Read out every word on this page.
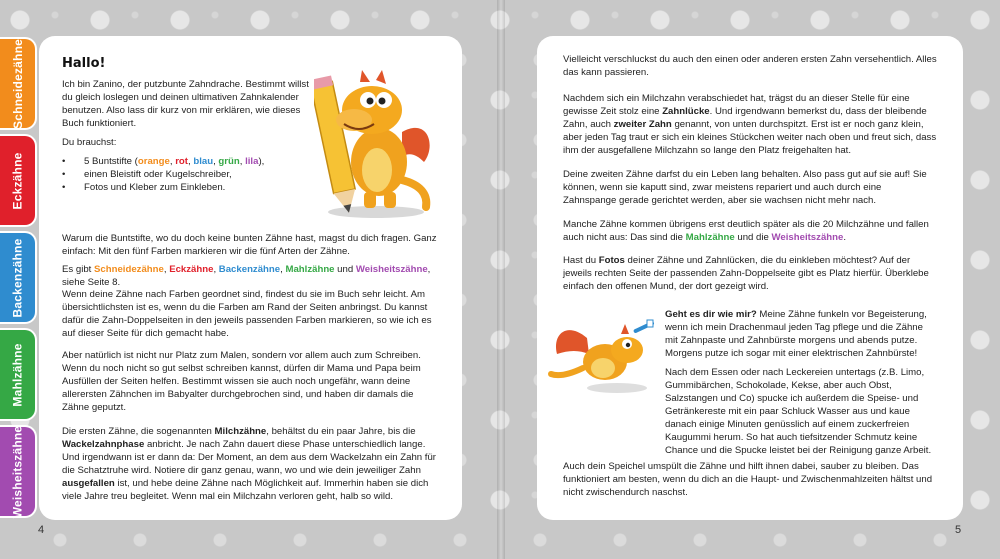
Schneidezähne
Eckzähne
Backenzähne
Mahlzähne
Weisheitszähne
Hallo!

Ich bin Zanino, der putzbunte Zahndrache. Bestimmt willst du gleich loslegen und deinen ultimativen Zahnkalender benutzen. Also lass dir kurz von mir erklären, wie dieses Buch funktioniert.

Du brauchst:

• 5 Buntstifte (orange, rot, blau, grün, lila),
• einen Bleistift oder Kugelschreiber,
• Fotos und Kleber zum Einkleben.

Warum die Buntstifte, wo du doch keine bunten Zähne hast, magst du dich fragen. Ganz einfach: Mit den fünf Farben markieren wir die fünf Arten der Zähne.

Es gibt Schneidezähne, Eckzähne, Backenzähne, Mahlzähne und Weisheitszähne, siehe Seite 8.

Wenn deine Zähne nach Farben geordnet sind, findest du sie im Buch sehr leicht. Am übersichtlichsten ist es, wenn du die Farben am Rand der Seiten anbringst. Du kannst dafür die Zahn-Doppelseiten in den jeweils passenden Farben markieren, so wie ich es auf dieser Seite für dich gemacht habe.

Aber natürlich ist nicht nur Platz zum Malen, sondern vor allem auch zum Schreiben. Wenn du noch nicht so gut selbst schreiben kannst, dürfen dir Mama und Papa beim Ausfüllen der Seiten helfen. Bestimmt wissen sie auch noch ungefähr, wann deine allerersten Zähnchen im Babyalter durchgebrochen sind, und haben dir damals die Zähne geputzt.

Die ersten Zähne, die sogenannten Milchzähne, behältst du ein paar Jahre, bis die Wackelzahnphase anbricht. Je nach Zahn dauert diese Phase unterschiedlich lange. Und irgendwann ist er dann da: Der Moment, an dem aus dem Wackelzahn ein Zahn für die Schatztruhe wird. Notiere dir ganz genau, wann, wo und wie dein jeweiliger Zahn ausgefallen ist, und hebe deine Zähne nach Möglichkeit auf. Immerhin haben sie dich viele Jahre treu begleitet. Wenn mal ein Milchzahn verloren geht, halb so wild.

4

Vielleicht verschluckst du auch den einen oder anderen ersten Zahn versehentlich. Alles das kann passieren.

Nachdem sich ein Milchzahn verabschiedet hat, trägst du an dieser Stelle für eine gewisse Zeit stolz eine Zahnlücke. Und irgendwann bemerkst du, dass der bleibende Zahn, auch zweiter Zahn genannt, von unten durchspitzt. Erst ist er noch ganz klein, aber jeden Tag traut er sich ein kleines Stückchen weiter nach oben und freut sich, dass ihm der ausgefallene Milchzahn so lange den Platz freigehalten hat.

Deine zweiten Zähne darfst du ein Leben lang behalten. Also pass gut auf sie auf! Sie können, wenn sie kaputt sind, zwar meistens repariert und auch durch eine Zahnspange gerade gerichtet werden, aber sie wachsen nicht mehr nach.

Manche Zähne kommen übrigens erst deutlich später als die 20 Milchzähne und fallen auch nicht aus: Das sind die Mahlzähne und die Weisheitszähne.

Hast du Fotos deiner Zähne und Zahnlücken, die du einkleben möchtest? Auf der jeweils rechten Seite der passenden Zahn-Doppelseite gibt es Platz hierfür. Überklebe einfach den offenen Mund, der dort gezeigt wird.

Geht es dir wie mir? Meine Zähne funkeln vor Begeisterung, wenn ich mein Drachenmaul jeden Tag pflege und die Zähne mit Zahnpaste und Zahnbürste morgens und abends putze. Morgens putze ich sogar mit einer elektrischen Zahnbürste!

Nach dem Essen oder nach Leckereien untertags (z.B. Limo, Gummibärchen, Schokolade, Kekse, aber auch Obst, Salzstangen und Co) spucke ich außerdem die Speise- und Getränkereste mit ein paar Schluck Wasser aus und kaue danach einige Minuten genüsslich auf einem zuckerfreien Kaugummi herum. So hat auch tiefsitzender Schmutz keine Chance und die Spucke leistet bei der Reinigung ganze Arbeit.

Auch dein Speichel umspült die Zähne und hilft ihnen dabei, sauber zu bleiben. Das funktioniert am besten, wenn du dich an die Haupt- und Zwischenmahlzeiten hältst und nicht zwischendurch naschst.

5
